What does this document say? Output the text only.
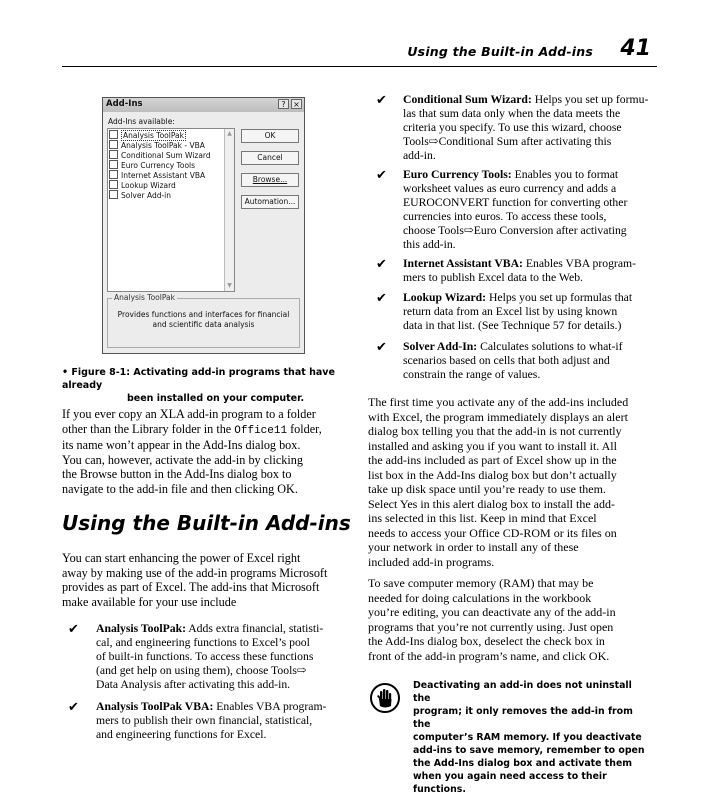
Using the Built-in Add-ins 41
Add-Ins	? ×
Add-Ins available:
Analysis ToolPak
Analysis ToolPak - VBA
Conditional Sum Wizard
Euro Currency Tools
Internet Assistant VBA
Lookup Wizard
Solver Add-in
▲
▼
OK
Cancel
Browse...
Automation...
Analysis ToolPak
Provides functions and interfaces for financial and scientific data analysis
• Figure 8-1: Activating add-in programs that have already
been installed on your computer.
If you ever copy an XLA add-in program to a folder
other than the Library folder in the Office11 folder,
its name won’t appear in the Add-Ins dialog box.
You can, however, activate the add-in by clicking
the Browse button in the Add-Ins dialog box to
navigate to the add-in file and then clicking OK.
Using the Built-in Add-ins
You can start enhancing the power of Excel right
away by making use of the add-in programs Microsoft
provides as part of Excel. The add-ins that Microsoft
make available for your use include
✔ Analysis ToolPak: Adds extra financial, statisti-
cal, and engineering functions to Excel’s pool
of built-in functions. To access these functions
(and get help on using them), choose Tools⇨
Data Analysis after activating this add-in.
✔ Analysis ToolPak VBA: Enables VBA program-
mers to publish their own financial, statistical,
and engineering functions for Excel.
✔ Conditional Sum Wizard: Helps you set up formu-
las that sum data only when the data meets the
criteria you specify. To use this wizard, choose
Tools⇨Conditional Sum after activating this
add-in.
✔ Euro Currency Tools: Enables you to format
worksheet values as euro currency and adds a
EUROCONVERT function for converting other
currencies into euros. To access these tools,
choose Tools⇨Euro Conversion after activating
this add-in.
✔ Internet Assistant VBA: Enables VBA program-
mers to publish Excel data to the Web.
✔ Lookup Wizard: Helps you set up formulas that
return data from an Excel list by using known
data in that list. (See Technique 57 for details.)
✔ Solver Add-In: Calculates solutions to what-if
scenarios based on cells that both adjust and
constrain the range of values.
The first time you activate any of the add-ins included
with Excel, the program immediately displays an alert
dialog box telling you that the add-in is not currently
installed and asking you if you want to install it. All
the add-ins included as part of Excel show up in the
list box in the Add-Ins dialog box but don’t actually
take up disk space until you’re ready to use them.
Select Yes in this alert dialog box to install the add-
ins selected in this list. Keep in mind that Excel
needs to access your Office CD-ROM or its files on
your network in order to install any of these
included add-in programs.
To save computer memory (RAM) that may be
needed for doing calculations in the workbook
you’re editing, you can deactivate any of the add-in
programs that you’re not currently using. Just open
the Add-Ins dialog box, deselect the check box in
front of the add-in program’s name, and click OK.
Deactivating an add-in does not uninstall the
program; it only removes the add-in from the
computer’s RAM memory. If you deactivate
add-ins to save memory, remember to open
the Add-Ins dialog box and activate them
when you again need access to their functions.
